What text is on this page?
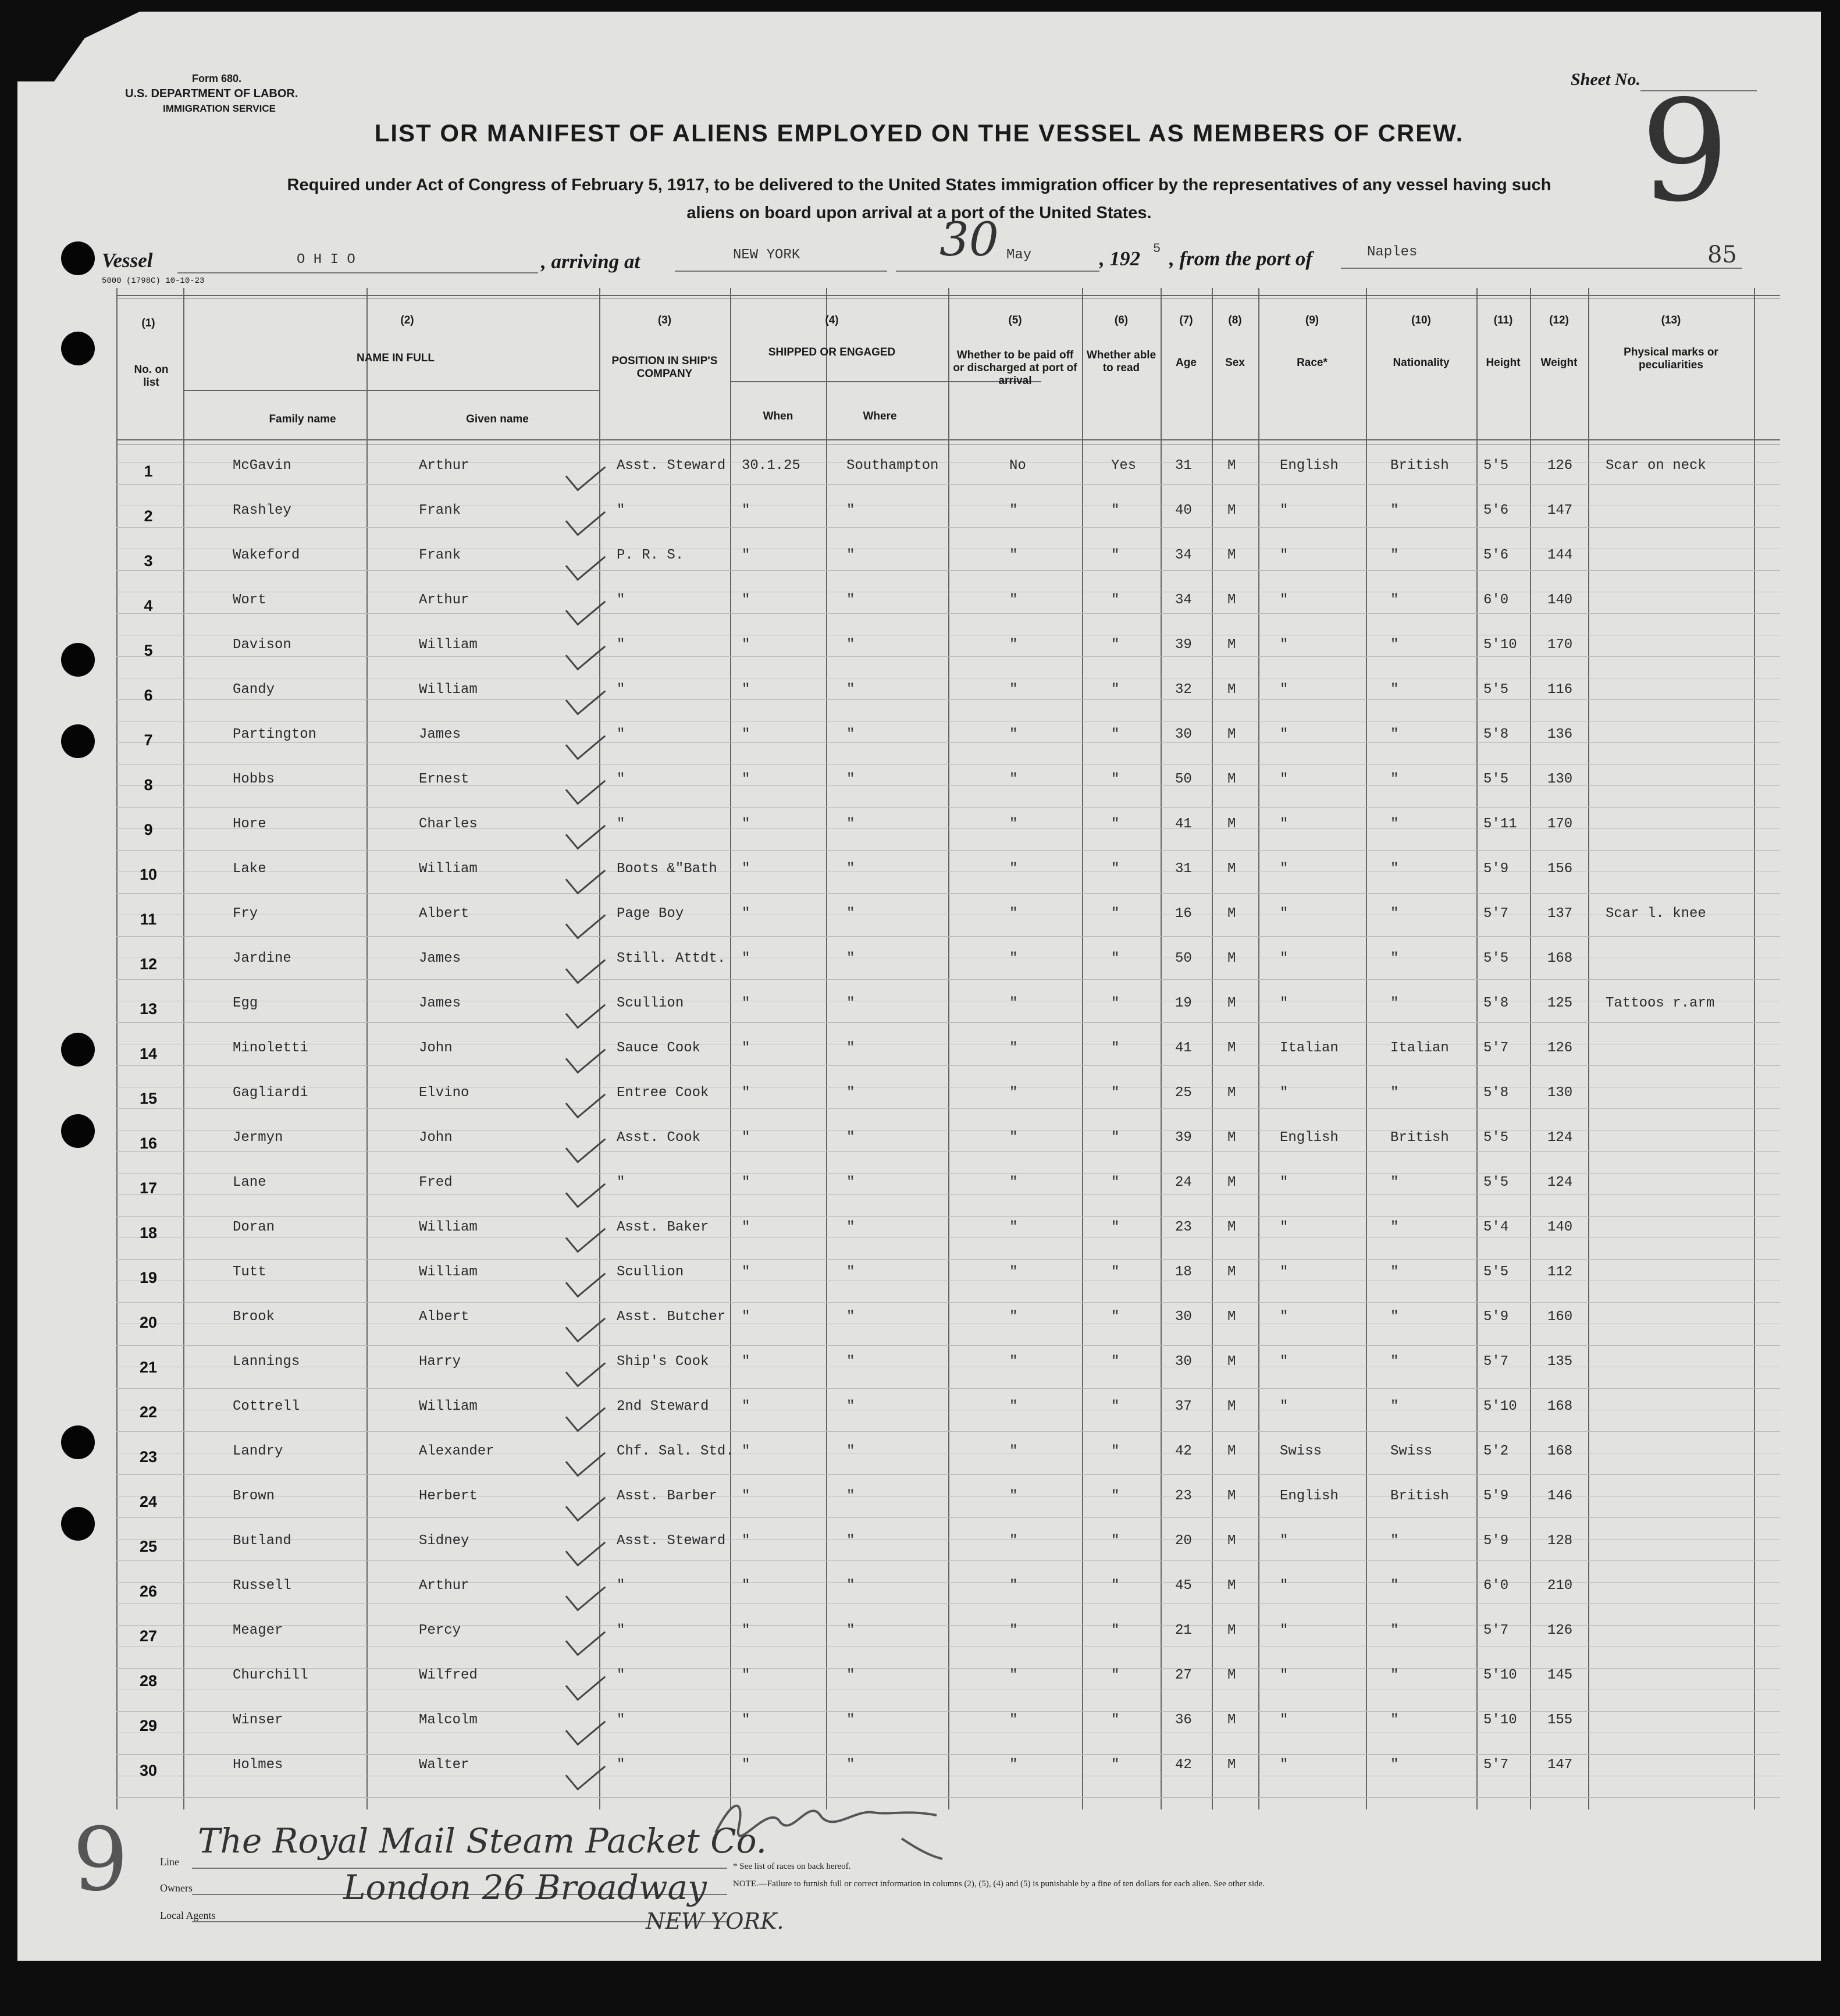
Form 680.
U.S. DEPARTMENT OF LABOR.
IMMIGRATION SERVICE
Sheet No. 9
LIST OR MANIFEST OF ALIENS EMPLOYED ON THE VESSEL AS MEMBERS OF CREW.
Required under Act of Congress of February 5, 1917, to be delivered to the United States immigration officer by the representatives of any vessel having such
aliens on board upon arrival at a port of the United States.
Vessel	O H I O	, arriving at	NEW YORK	30 May	, 192 5 , from the port of	Naples	85
5000 (1798C) 10-10-23
(1)	(2)	(3)	(4)	(5)	(6)	(7)	(8)	(9)	(10)	(11)	(12)	(13)
No. on list
NAME IN FULL
Family name	Given name
POSITION IN SHIP'S COMPANY
SHIPPED OR ENGAGED
When	Where
Whether to be paid off or discharged at port of arrival
Whether able to read	Age	Sex	Race*	Nationality	Height	Weight
Physical marks or peculiarities
1	McGavin	Arthur	Asst. Steward 30.1.25	Southampton	No	Yes	31	M	English	British 5'5	126 Scar on neck
2	Rashley	Frank	"	"	"	"	"	40	M	"	"	5'6	147
3	Wakeford	Frank	P. R. S.	"	"	"	"	34	M	"	"	5'6	144
4	Wort	Arthur	"	"	"	"	"	34	M	"	"	6'0	140
5	Davison	William	"	"	"	"	"	39	M	"	"	5'10 170
6	Gandy	William	"	"	"	"	"	32	M	"	"	5'5	116
7	Partington	James	"	"	"	"	"	30	M	"	"	5'8	136
8	Hobbs	Ernest	"	"	"	"	"	50	M	"	"	5'5	130
9	Hore	Charles	"	"	"	"	"	41	M	"	"	5'11 170
10	Lake	William	Boots &"Bath "	"	"	"	31	M	"	"	5'9	156
11	Fry	Albert	Page Boy	"	"	"	"	16	M	"	"	5'7	137 Scar l. knee
12	Jardine	James	Still. Attdt. "	"	"	"	50	M	"	"	5'5	168
13	Egg	James	Scullion	"	"	"	"	19	M	"	"	5'8	125 Tattoos r.arm
14	Minoletti	John	Sauce Cook	"	"	"	"	41	M	Italian	Italian 5'7	126
15	Gagliardi	Elvino	Entree Cook "	"	"	"	25	M	"	"	5'8	130
16	Jermyn	John	Asst. Cook	"	"	"	"	39	M	English	British 5'5	124
17	Lane	Fred	"	"	"	"	"	24	M	"	"	5'5	124
18	Doran	William	Asst. Baker "	"	"	"	23	M	"	"	5'4	140
19	Tutt	William	Scullion	"	"	"	"	18	M	"	"	5'5	112
20	Brook	Albert	Asst. Butcher "	"	"	"	30	M	"	"	5'9	160
21	Lannings	Harry	Ship's Cook "	"	"	"	30	M	"	"	5'7	135
22	Cottrell	William	2nd Steward "	"	"	"	37	M	"	"	5'10 168
23	Landry	Alexander	Chf. Sal. Std. "	"	"	"	42	M	Swiss	Swiss	5'2	168
24	Brown	Herbert	Asst. Barber "	"	"	"	23	M	English	British 5'9	146
25	Butland	Sidney	Asst. Steward "	"	"	"	20	M	"	"	5'9	128
26	Russell	Arthur	"	"	"	"	"	45	M	"	"	6'0	210
27	Meager	Percy	"	"	"	"	"	21	M	"	"	5'7	126
28	Churchill	Wilfred	"	"	"	"	"	27	M	"	"	5'10 145
29	Winser	Malcolm	"	"	"	"	"	36	M	"	"	5'10 155
30	Holmes	Walter	"	"	"	"	"	42	M	"	"	5'7	147
9	Line
Owners
Local Agents
The Royal Mail Steam Packet Co.
London 26 Broadway
NEW YORK.
* See list of races on back hereof.
NOTE.—Failure to furnish full or correct information in columns (2), (5), (4) and (5) is punishable by a fine of ten dollars for each alien. See other side.
